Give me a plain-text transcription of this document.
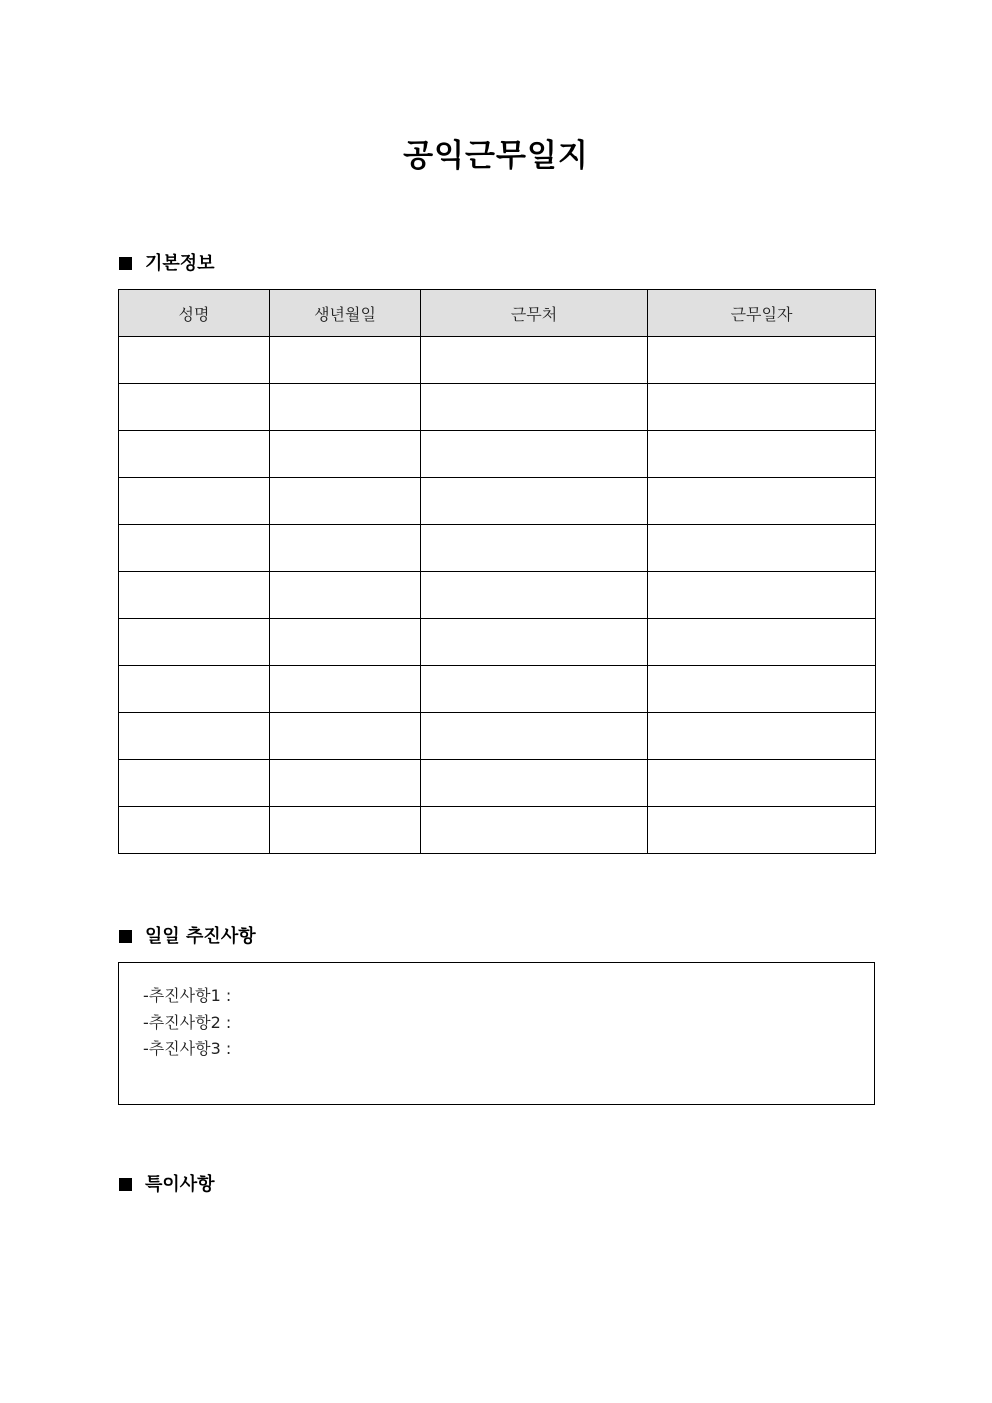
공익근무일지
기본정보
성명	생년월일	근무처	근무일자

일일 추진사항
-추진사항1 :
-추진사항2 :
-추진사항3 :
특이사항
